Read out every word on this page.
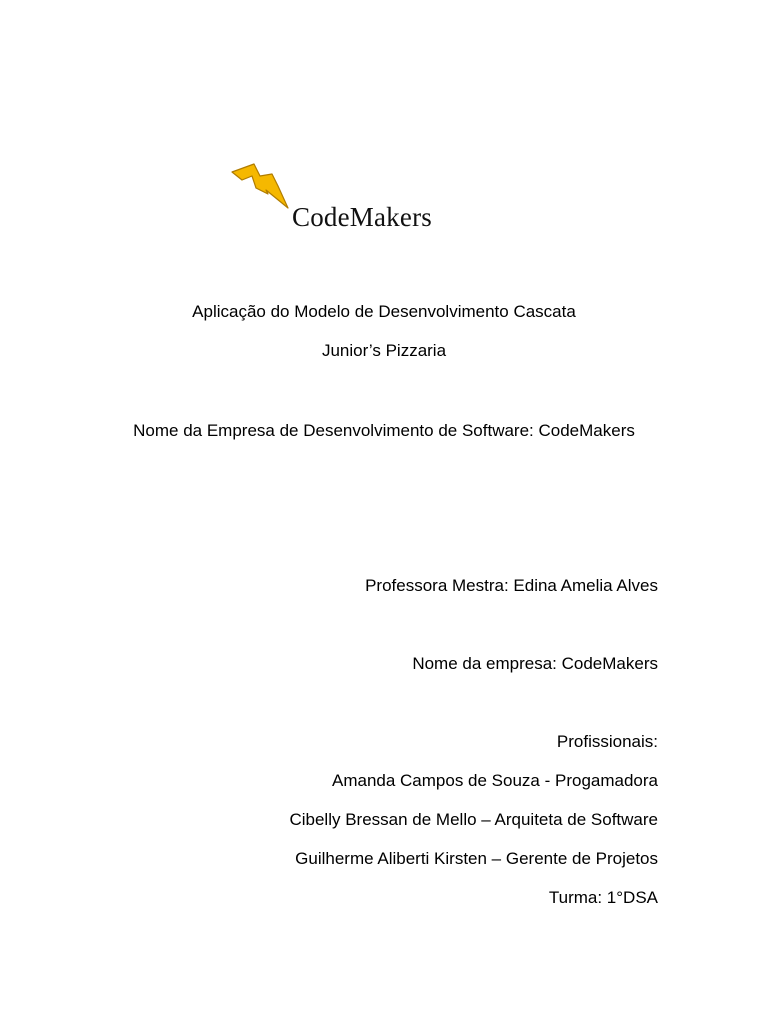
CodeMakers
Aplicação do Modelo de Desenvolvimento Cascata
Junior’s Pizzaria
Nome da Empresa de Desenvolvimento de Software: CodeMakers
Professora Mestra: Edina Amelia Alves
Nome da empresa: CodeMakers
Profissionais:
Amanda Campos de Souza - Progamadora
Cibelly Bressan de Mello – Arquiteta de Software
Guilherme Aliberti Kirsten – Gerente de Projetos
Turma: 1°DSA
